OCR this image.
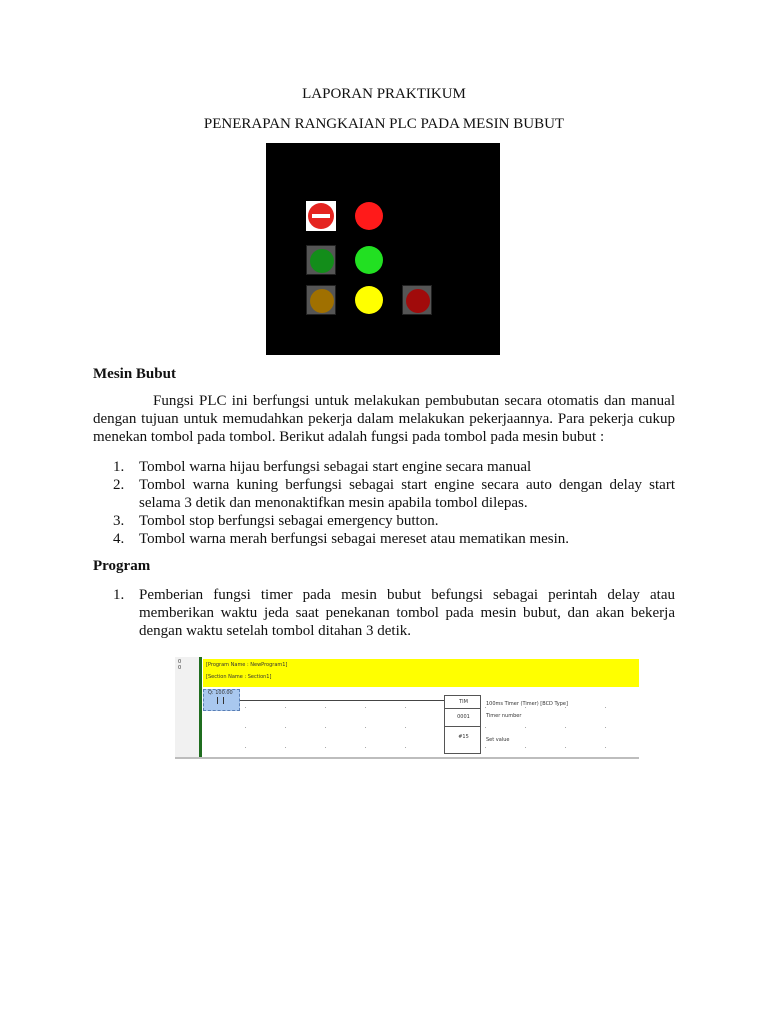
LAPORAN PRAKTIKUM
PENERAPAN RANGKAIAN PLC PADA MESIN BUBUT
Mesin Bubut
Fungsi PLC ini berfungsi untuk melakukan pembubutan secara otomatis dan manual dengan tujuan untuk memudahkan pekerja dalam melakukan pekerjaannya. Para pekerja cukup menekan tombol pada tombol. Berikut adalah fungsi pada tombol pada mesin bubut :
1. Tombol warna hijau berfungsi sebagai start engine secara manual
2. Tombol warna kuning berfungsi sebagai start engine secara auto dengan delay start selama 3 detik dan menonaktifkan mesin apabila tombol dilepas.
3. Tombol stop berfungsi sebagai emergency button.
4. Tombol warna merah berfungsi sebagai mereset atau mematikan mesin.
Program
1. Pemberian fungsi timer pada mesin bubut befungsi sebagai perintah delay atau memberikan waktu jeda saat penekanan tombol pada mesin bubut, dan akan bekerja dengan waktu setelah tombol ditahan 3 detik.
0
0	[Program Name : NewProgram1]
[Section Name : Section1]
Q: 100.00
TIM
0001
#15
100ms Timer (Timer) [BCD Type]
Timer number
Set value
